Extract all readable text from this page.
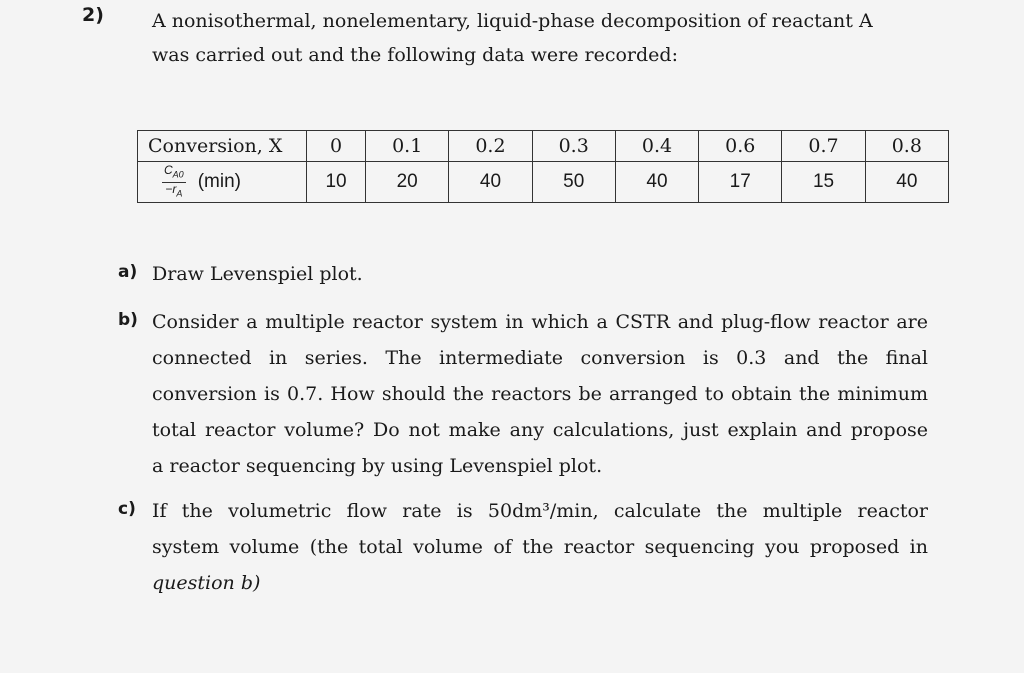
2)	A nonisothermal, nonelementary, liquid-phase decomposition of reactant A
was carried out and the following data were recorded:
Conversion, X	0	0.1	0.2	0.3	0.4	0.6	0.7	0.8

$\frac{C_{A0}}{-r_A} (\min)$	10	20	40	50	40	17	15	40
a) Draw Levenspiel plot.
b) Consider a multiple reactor system in which a CSTR and plug-flow reactor are
connected in series. The intermediate conversion is 0.3 and the final
conversion is 0.7. How should the reactors be arranged to obtain the minimum
total reactor volume? Do not make any calculations, just explain and propose
a reactor sequencing by using Levenspiel plot.
c) If the volumetric flow rate is 50dm³/min, calculate the multiple reactor
system volume (the total volume of the reactor sequencing you proposed in
question b)
